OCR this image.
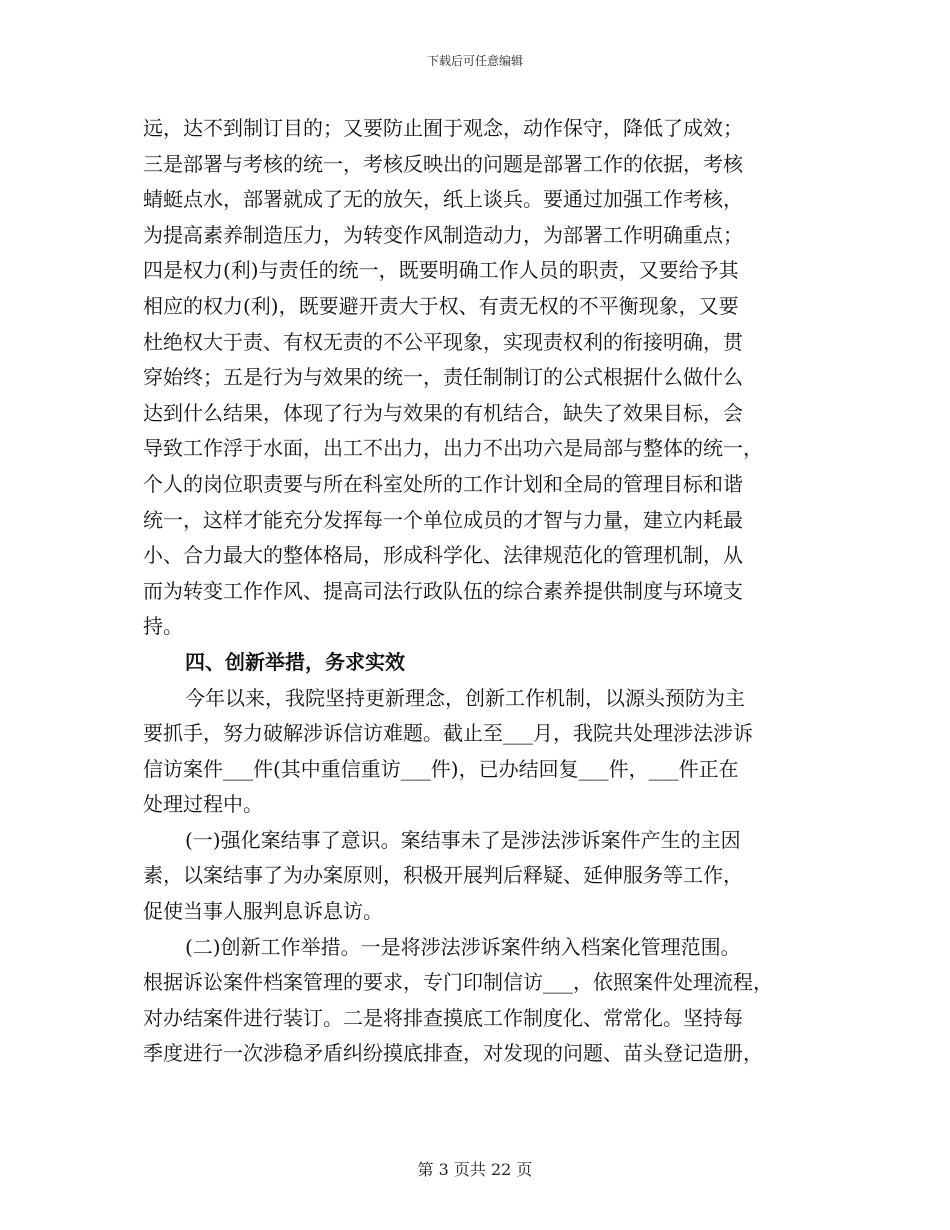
下载后可任意编辑
远，达不到制订目的；又要防止囿于观念，动作保守，降低了成效；
三是部署与考核的统一，考核反映出的问题是部署工作的依据，考核
蜻蜓点水，部署就成了无的放矢，纸上谈兵。要通过加强工作考核，
为提高素养制造压力，为转变作风制造动力，为部署工作明确重点；
四是权力(利)与责任的统一，既要明确工作人员的职责，又要给予其
相应的权力(利)，既要避开责大于权、有责无权的不平衡现象，又要
杜绝权大于责、有权无责的不公平现象，实现责权利的衔接明确，贯
穿始终；五是行为与效果的统一，责任制制订的公式根据什么做什么
达到什么结果，体现了行为与效果的有机结合，缺失了效果目标，会
导致工作浮于水面，出工不出力，出力不出功六是局部与整体的统一，
个人的岗位职责要与所在科室处所的工作计划和全局的管理目标和谐
统一，这样才能充分发挥每一个单位成员的才智与力量，建立内耗最
小、合力最大的整体格局，形成科学化、法律规范化的管理机制，从
而为转变工作作风、提高司法行政队伍的综合素养提供制度与环境支
持。
四、创新举措，务求实效
今年以来，我院坚持更新理念，创新工作机制，以源头预防为主
要抓手，努力破解涉诉信访难题。截止至___月，我院共处理涉法涉诉
信访案件___件(其中重信重访___件)，已办结回复___件，___件正在
处理过程中。
(一)强化案结事了意识。案结事未了是涉法涉诉案件产生的主因
素，以案结事了为办案原则，积极开展判后释疑、延伸服务等工作，
促使当事人服判息诉息访。
(二)创新工作举措。一是将涉法涉诉案件纳入档案化管理范围。
根据诉讼案件档案管理的要求，专门印制信访___，依照案件处理流程，
对办结案件进行装订。二是将排查摸底工作制度化、常常化。坚持每
季度进行一次涉稳矛盾纠纷摸底排查，对发现的问题、苗头登记造册，
第 3 页共 22 页
